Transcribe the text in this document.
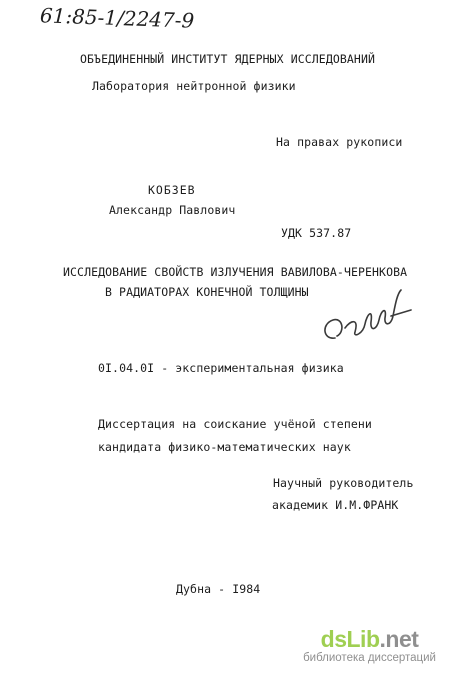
61:85-1/2247-9
ОБЪЕДИНЕННЫЙ ИНСТИТУТ ЯДЕРНЫХ ИССЛЕДОВАНИЙ
Лаборатория нейтронной физики
На правах рукописи
КОБЗЕВ
Александр Павлович
УДК 537.87
ИССЛЕДОВАНИЕ СВОЙСТВ ИЗЛУЧЕНИЯ ВАВИЛОВА-ЧЕРЕНКОВА
В РАДИАТОРАХ КОНЕЧНОЙ ТОЛЩИНЫ
0I.04.0I - экспериментальная физика
Диссертация на соискание учёной степени
кандидата физико-математических наук
Научный руководитель
академик И.М.ФРАНК
Дубна - I984
dsLib.net
библиотека диссертаций
